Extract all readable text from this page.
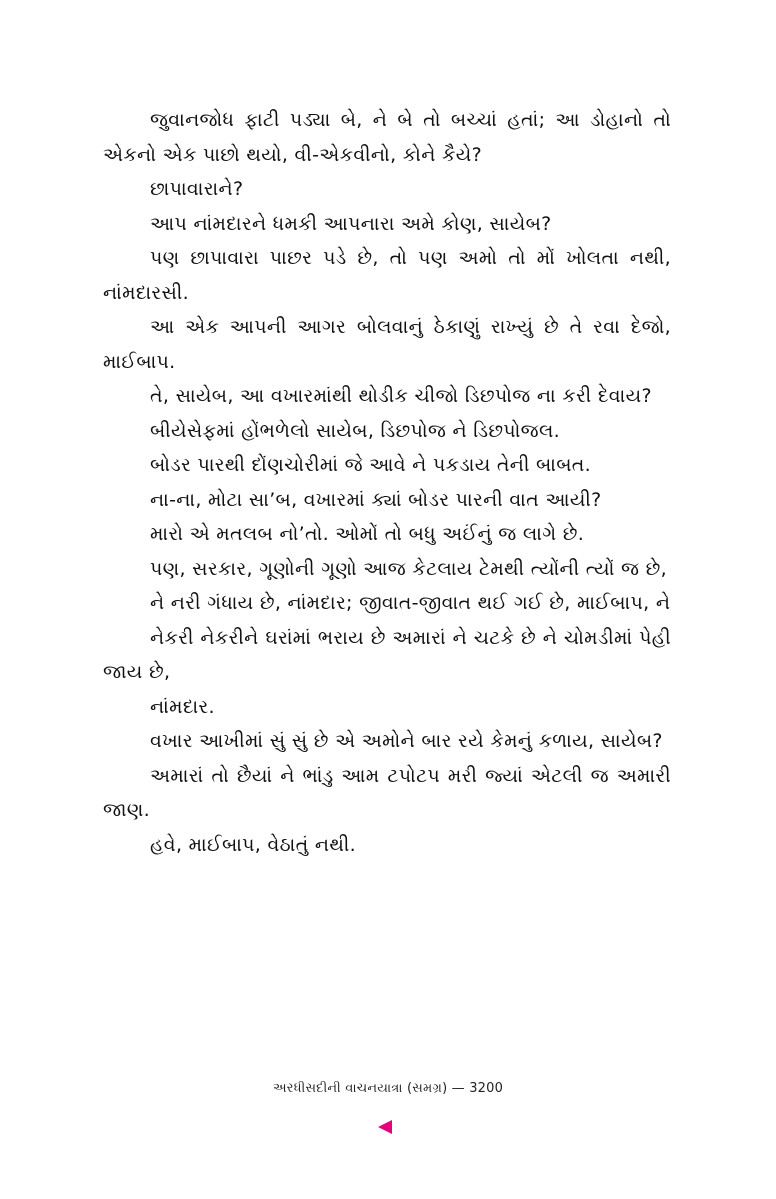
જુવાનજોધ ફાટી પડ્યા બે, ને બે તો બચ્ચાં હતાં; આ ડોહાનો તો એકનો એક પાછો થયો, વી-એકવીનો, કોને કૈયે?

છાપાવારાને?

આપ નાંમદારને ધમકી આપનારા અમે કોણ, સાયેબ?

પણ છાપાવારા પાછર પડે છે, તો પણ અમો તો મોં ખોલતા નથી, નાંમદારસી.

આ એક આપની આગર બોલવાનું ઠેકાણું રાખ્યું છે તે રવા દેજો, માઈબાપ.

તે, સાયેબ, આ વખારમાંથી થોડીક ચીજો ડિછપોજ ના કરી દેવાય?

બીયેસેફમાં હોંભળેલો સાયેબ, ડિછપોજ ને ડિછપોજલ.

બોડર પારથી દોંણચોરીમાં જે આવે ને પકડાય તેની બાબત.

ના-ના, મોટા સા’બ, વખારમાં ક્યાં બોડર પારની વાત આયી?

મારો એ મતલબ નો’તો. ઓમોં તો બધુ અઈંનું જ લાગે છે.

પણ, સરકાર, ગૂણોની ગૂણો આજ કેટલાય ટેમથી ત્યોંની ત્યોં જ છે,

ને નરી ગંધાય છે, નાંમદાર; જીવાત-જીવાત થઈ ગઈ છે, માઈબાપ, ને

નેકરી નેકરીને ઘરાંમાં ભરાય છે અમારાં ને ચટકે છે ને ચોમડીમાં પેહી જાય છે,

નાંમદાર.

વખાર આખીમાં સું સું છે એ અમોને બાર રયે કેમનું કળાય, સાયેબ?

અમારાં તો છૈયાં ને ભાંડુ આમ ટપોટપ મરી જ્યાં એટલી જ અમારી જાણ.

હવે, માઈબાપ, વેઠાતું નથી.

અરધીસદીની વાચનયાત્રા (સમગ્ર) — 3200
